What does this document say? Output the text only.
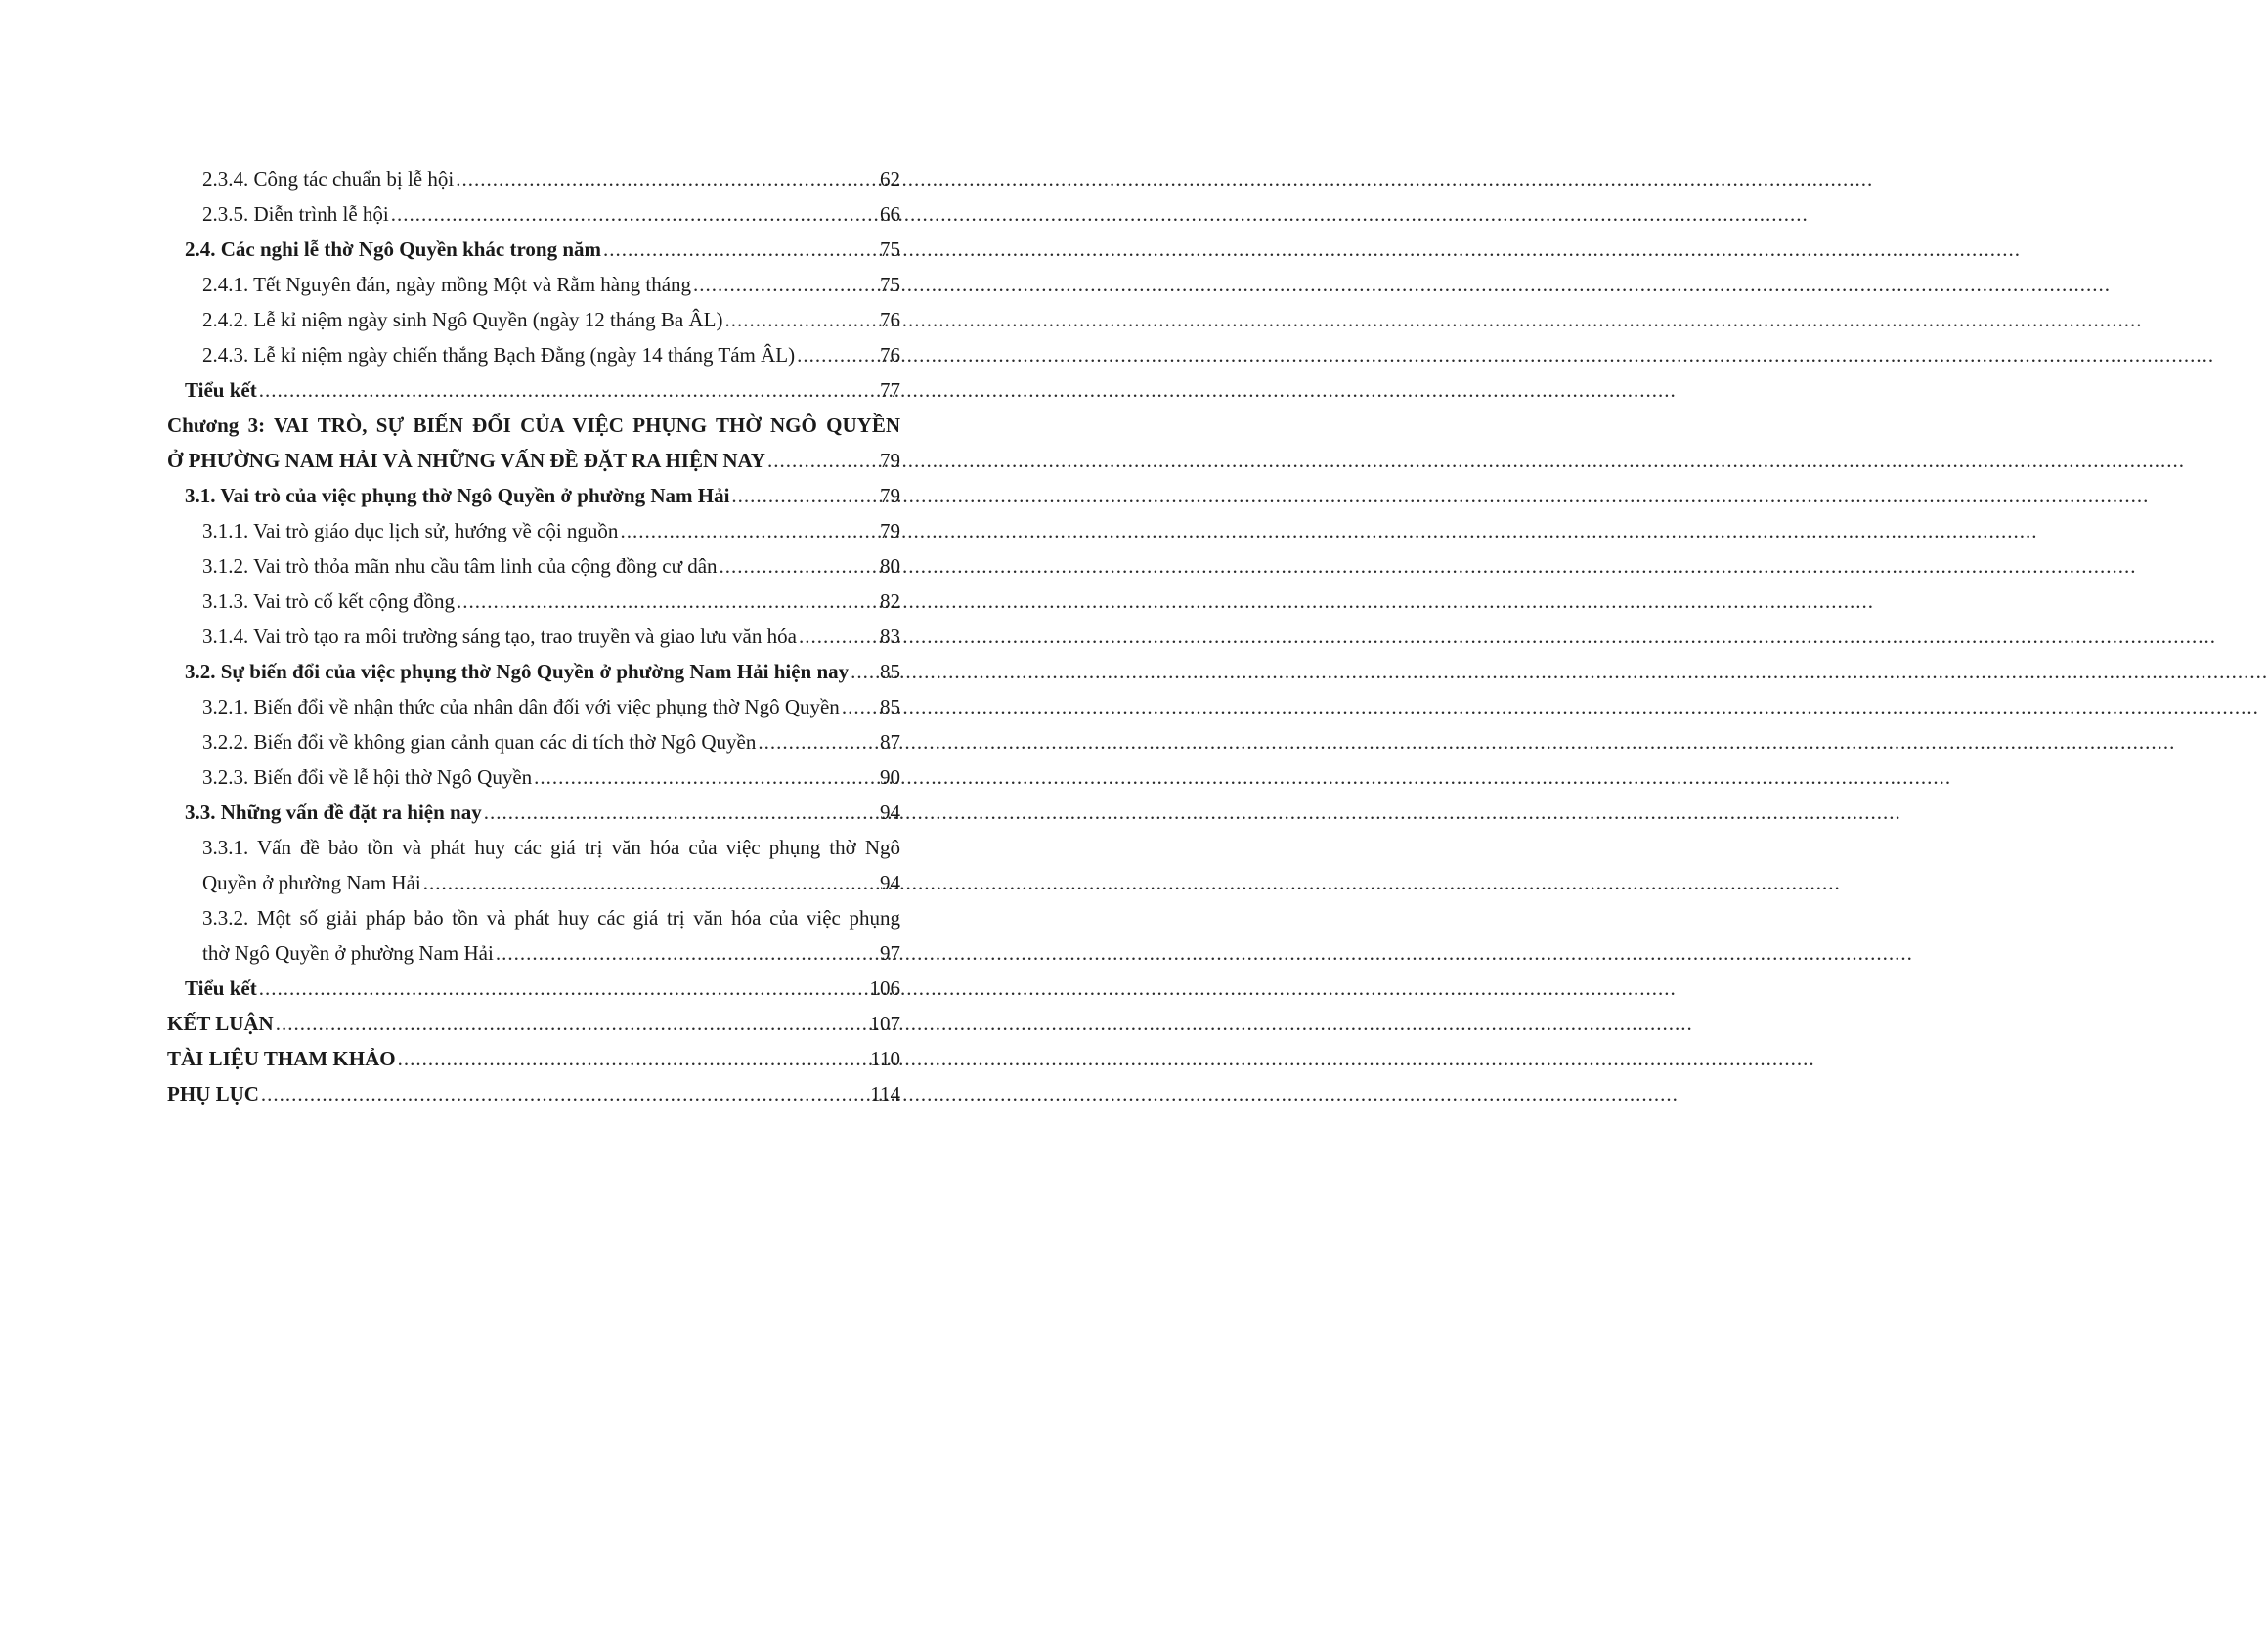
2.3.4. Công tác chuẩn bị lễ hội .....	62
2.3.5. Diễn trình lễ hội .....	66
2.4. Các nghi lễ thờ Ngô Quyền khác trong năm .....	75
2.4.1. Tết Nguyên đán, ngày mồng Một và Rằm hàng tháng .....	75
2.4.2. Lễ kỉ niệm ngày sinh Ngô Quyền (ngày 12 tháng Ba ÂL) .....	76
2.4.3. Lễ kỉ niệm ngày chiến thắng Bạch Đằng (ngày 14 tháng Tám ÂL) .....	76
Tiểu kết .....	77
Chương 3: VAI TRÒ, SỰ BIẾN ĐỔI CỦA VIỆC PHỤNG THỜ NGÔ QUYỀN
Ở PHƯỜNG NAM HẢI VÀ NHỮNG VẤN ĐỀ ĐẶT RA HIỆN NAY .....	79
3.1. Vai trò của việc phụng thờ Ngô Quyền ở phường Nam Hải .....	79
3.1.1. Vai trò giáo dục lịch sử, hướng về cội nguồn .....	79
3.1.2. Vai trò thỏa mãn nhu cầu tâm linh của cộng đồng cư dân .....	80
3.1.3. Vai trò cố kết cộng đồng .....	82
3.1.4. Vai trò tạo ra môi trường sáng tạo, trao truyền và giao lưu văn hóa .....	83
3.2. Sự biến đổi của việc phụng thờ Ngô Quyền ở phường Nam Hải hiện nay ..... 85
3.2.1. Biến đổi về nhận thức của nhân dân đối với việc phụng thờ Ngô Quyền ..... 85
3.2.2. Biến đổi về không gian cảnh quan các di tích thờ Ngô Quyền .....	87
3.2.3. Biến đổi về lễ hội thờ Ngô Quyền .....	90
3.3. Những vấn đề đặt ra hiện nay .....	94
3.3.1. Vấn đề bảo tồn và phát huy các giá trị văn hóa của việc phụng thờ Ngô
Quyền ở phường Nam Hải .....	94
3.3.2. Một số giải pháp bảo tồn và phát huy các giá trị văn hóa của việc phụng
thờ Ngô Quyền ở phường Nam Hải .....	97
Tiểu kết .....	106
KẾT LUẬN .....	107
TÀI LIỆU THAM KHẢO .....	110
PHỤ LỤC .....	114
